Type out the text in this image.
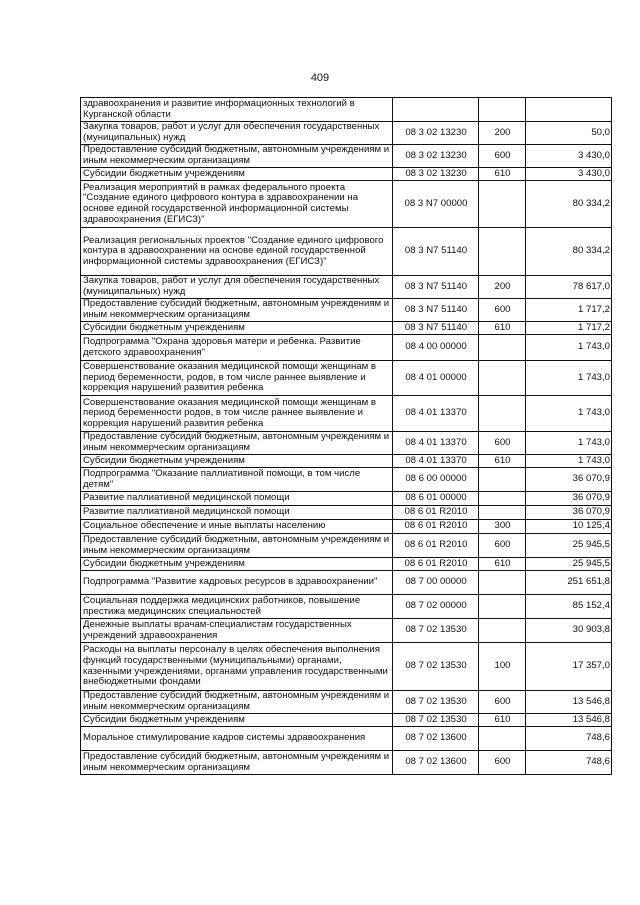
409
здравоохранения и развитие информационных технологий в Курганской области			
Закупка товаров, работ и услуг для обеспечения государственных (муниципальных) нужд	08 3 02 13230	200	50,0
Предоставление субсидий бюджетным, автономным учреждениям и иным некоммерческим организациям	08 3 02 13230	600	3 430,0
Субсидии бюджетным учреждениям	08 3 02 13230	610	3 430,0
Реализация мероприятий в рамках федерального проекта "Создание единого цифрового контура в здравоохранении на основе единой государственной информационной системы здравоохранения (ЕГИСЗ)"	08 3 N7 00000		80 334,2
Реализация региональных проектов "Создание единого цифрового контура в здравоохранении на основе единой государственной информационной системы здравоохранения (ЕГИСЗ)"	08 3 N7 51140		80 334,2
Закупка товаров, работ и услуг для обеспечения государственных (муниципальных) нужд	08 3 N7 51140	200	78 617,0
Предоставление субсидий бюджетным, автономным учреждениям и иным некоммерческим организациям	08 3 N7 51140	600	1 717,2
Субсидии бюджетным учреждениям	08 3 N7 51140	610	1 717,2
Подпрограмма "Охрана здоровья матери и ребенка. Развитие детского здравоохранения"	08 4 00 00000		1 743,0
Совершенствование оказания медицинской помощи женщинам в период беременности, родов, в том числе раннее выявление и коррекция нарушений развития ребенка	08 4 01 00000		1 743,0
Совершенствование оказания медицинской помощи женщинам в период беременности родов, в том числе раннее выявление и коррекция нарушений развития ребенка	08 4 01 13370		1 743,0
Предоставление субсидий бюджетным, автономным учреждениям и иным некоммерческим организациям	08 4 01 13370	600	1 743,0
Субсидии бюджетным учреждениям	08 4 01 13370	610	1 743,0
Подпрограмма "Оказание паллиативной помощи, в том числе детям"	08 6 00 00000		36 070,9
Развитие паллиативной медицинской помощи	08 6 01 00000		36 070,9
Развитие паллиативной медицинской помощи	08 6 01 R2010		36 070,9
Социальное обеспечение и иные выплаты населению	08 6 01 R2010	300	10 125,4
Предоставление субсидий бюджетным, автономным учреждениям и иным некоммерческим организациям	08 6 01 R2010	600	25 945,5
Субсидии бюджетным учреждениям	08 6 01 R2010	610	25 945,5
Подпрограмма "Развитие кадровых ресурсов в здравоохранении"	08 7 00 00000		251 651,8
Социальная поддержка медицинских работников, повышение престижа медицинских специальностей	08 7 02 00000		85 152,4
Денежные выплаты врачам-специалистам государственных учреждений здравоохранения	08 7 02 13530		30 903,8
Расходы на выплаты персоналу в целях обеспечения выполнения функций государственными (муниципальными) органами, казенными учреждениями, органами управления государственными внебюджетными фондами	08 7 02 13530	100	17 357,0
Предоставление субсидий бюджетным, автономным учреждениям и иным некоммерческим организациям	08 7 02 13530	600	13 546,8
Субсидии бюджетным учреждениям	08 7 02 13530	610	13 546,8
Моральное стимулирование кадров системы здравоохранения	08 7 02 13600		748,6
Предоставление субсидий бюджетным, автономным учреждениям и иным некоммерческим организациям	08 7 02 13600	600	748,6
